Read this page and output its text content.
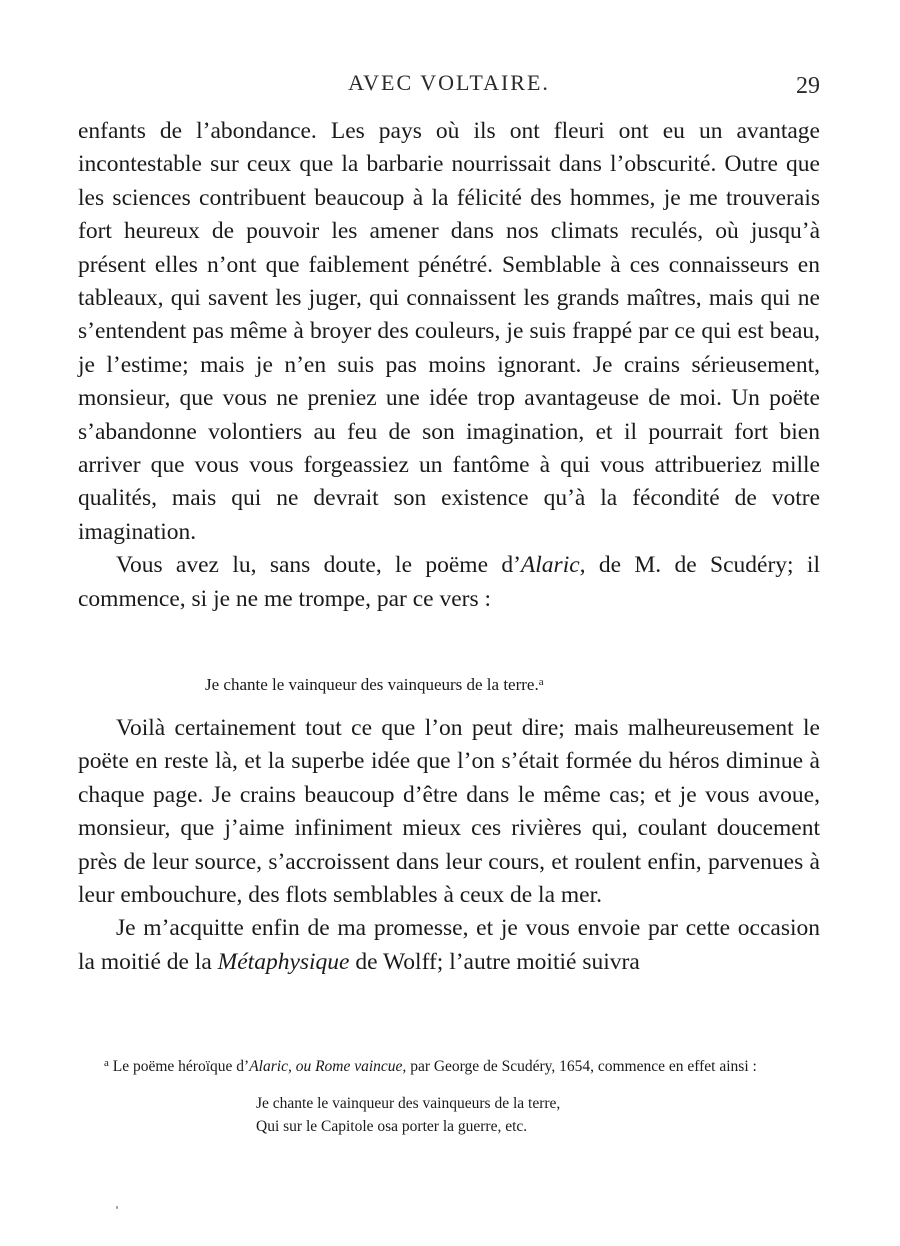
AVEC VOLTAIRE.	29

enfants de l’abondance. Les pays où ils ont fleuri ont eu un avantage incontestable sur ceux que la barbarie nourrissait dans l’obscurité. Outre que les sciences contribuent beaucoup à la félicité des hommes, je me trouverais fort heureux de pouvoir les amener dans nos climats reculés, où jusqu’à présent elles n’ont que faiblement pénétré. Semblable à ces connaisseurs en tableaux, qui savent les juger, qui connaissent les grands maîtres, mais qui ne s’entendent pas même à broyer des couleurs, je suis frappé par ce qui est beau, je l’estime; mais je n’en suis pas moins ignorant. Je crains sérieusement, monsieur, que vous ne preniez une idée trop avantageuse de moi. Un poëte s’abandonne volontiers au feu de son imagination, et il pourrait fort bien arriver que vous vous forgeassiez un fantôme à qui vous attribueriez mille qualités, mais qui ne devrait son existence qu’à la fécondité de votre imagination.

Vous avez lu, sans doute, le poëme d’Alaric, de M. de Scudéry; il commence, si je ne me trompe, par ce vers :

Je chante le vainqueur des vainqueurs de la terre.$^a$

Voilà certainement tout ce que l’on peut dire; mais malheureusement le poëte en reste là, et la superbe idée que l’on s’était formée du héros diminue à chaque page. Je crains beaucoup d’être dans le même cas; et je vous avoue, monsieur, que j’aime infiniment mieux ces rivières qui, coulant doucement près de leur source, s’accroissent dans leur cours, et roulent enfin, parvenues à leur embouchure, des flots semblables à ceux de la mer.

Je m’acquitte enfin de ma promesse, et je vous envoie par cette occasion la moitié de la Métaphysique de Wolff; l’autre moitié suivra

$^a$ Le poëme héroïque d’Alaric, ou Rome vaincue, par George de Scudéry, 1654, commence en effet ainsi :

Je chante le vainqueur des vainqueurs de la terre,
Qui sur le Capitole osa porter la guerre, etc.
